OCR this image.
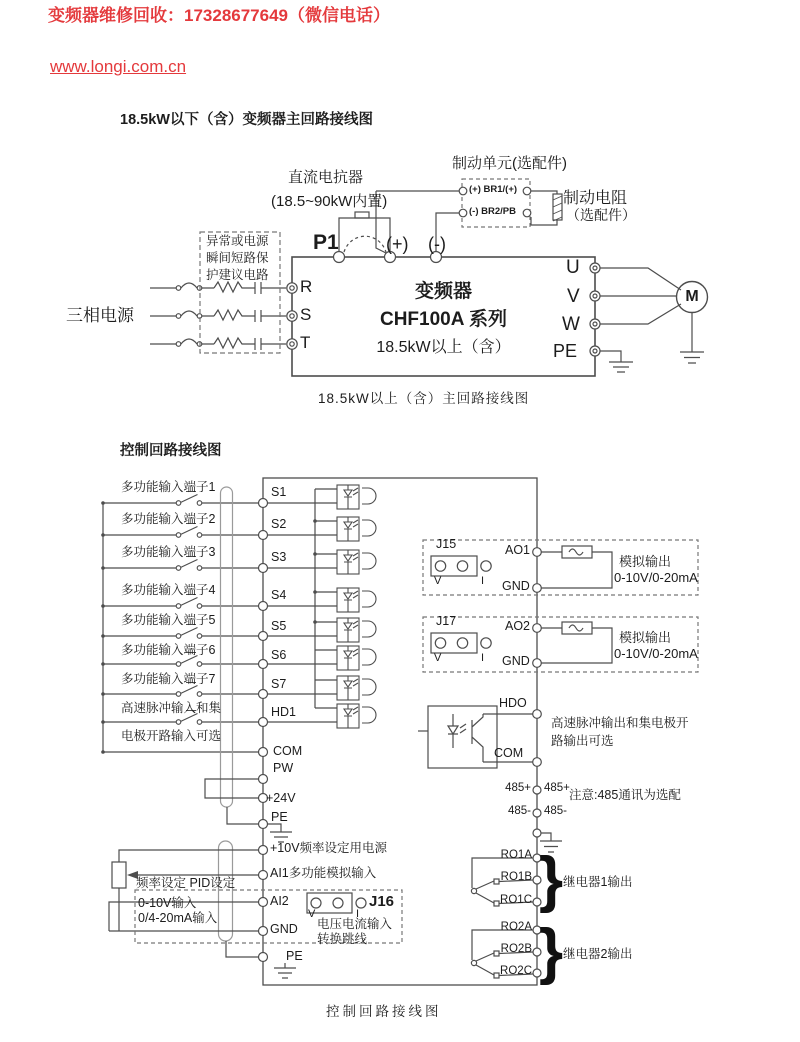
变频器维修回收：17328677649（微信电话）
www.longi.com.cn
18.5kW以下（含）变频器主回路接线图
制动单元(选配件)
直流电抗器
(18.5~90kW内置)	制动电阻
（选配件）
(+) BR1/(+)
(-) BR2/PB
P1	(+) (-)
R
S
T
变频器
CHF100A 系列
18.5kW以上（含）
U
V
W
PE
M
异常或电源
瞬间短路保
护建议电路
三相电源
18.5kW以上（含）主回路接线图
控制回路接线图
多功能输入端子1
多功能输入端子2
多功能输入端子3
多功能输入端子4
多功能输入端子5
多功能输入端子6
多功能输入端子7
高速脉冲输入和集
电极开路输入可选
S1
S2
S3
S4
S5
S6
S7
HD1
COM
PW
+24V
PE
+10V频率设定用电源
AI1多功能模拟输入
AI2
GND
PE
频率设定 PID设定
0-10V输入
0/4-20mA输入
J16
V	I
电压电流输入
转换跳线
J15
V	I
AO1
GND
模拟输出
0-10V/0-20mA
J17
V	I
AO2
GND
模拟输出
0-10V/0-20mA
HDO
COM
高速脉冲输出和集电极开
路输出可选
485+ 485+
485- 485-
注意:485通讯为选配
RO1A
RO1B
RO1C } 继电器1输出
RO2A
RO2B
RO2C } 继电器2输出
控制回路接线图
